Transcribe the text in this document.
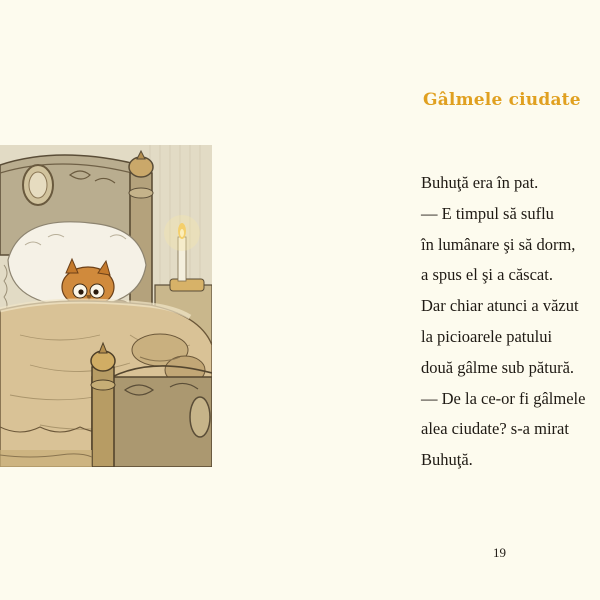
Gâlmele ciudate
Buhuţă era în pat.
— E timpul să suflu
în lumânare şi să dorm,
a spus el şi a căscat.
Dar chiar atunci a văzut
la picioarele patului
două gâlme sub pătură.
— De la ce-or fi gâlmele
alea ciudate? s-a mirat
Buhuţă.
19
